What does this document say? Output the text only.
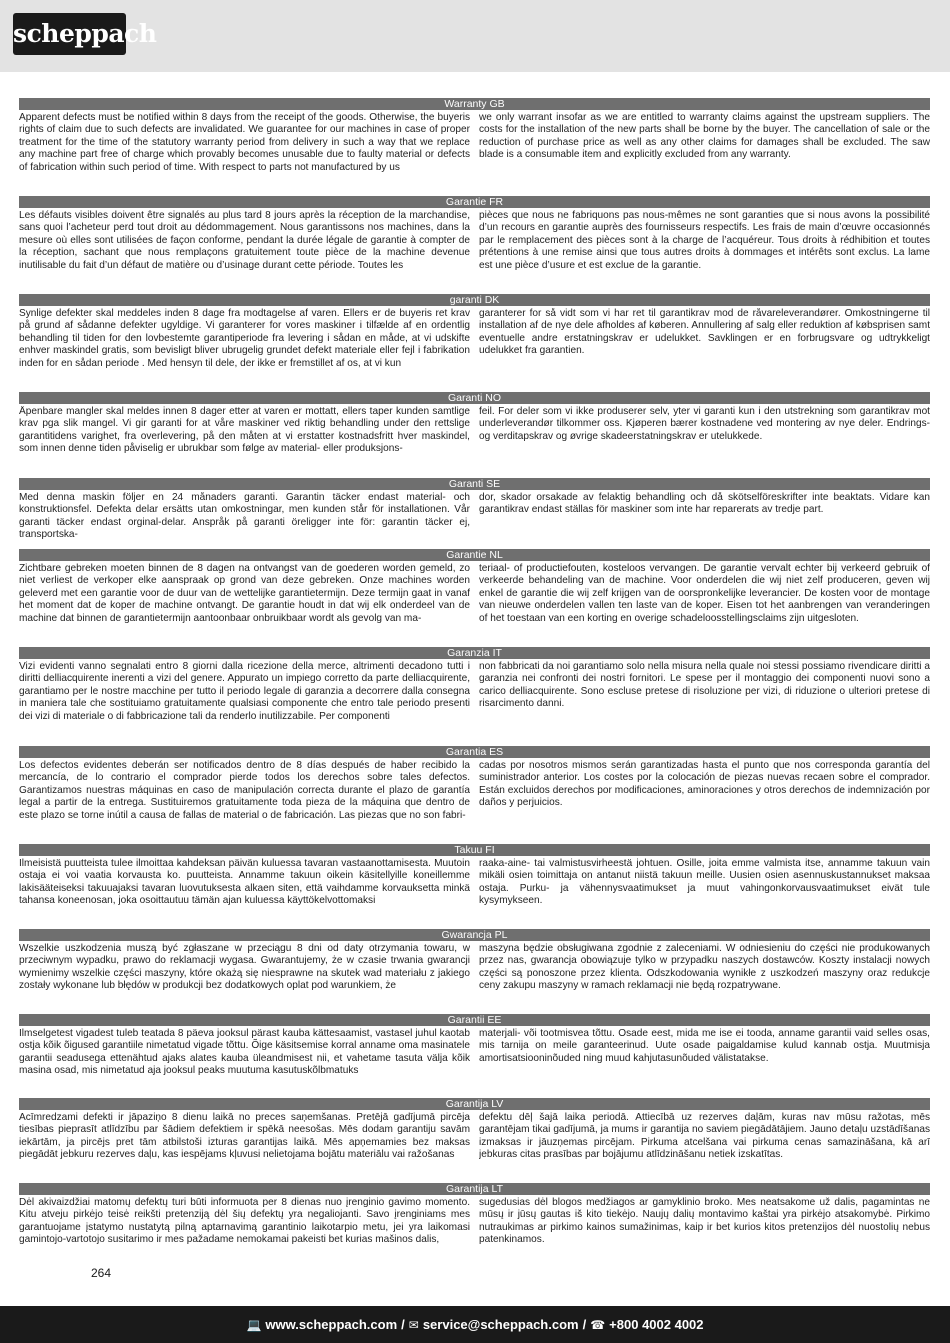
scheppach
Warranty GB
Apparent defects must be notified within 8 days from the receipt of the goods. Otherwise, the buyeris rights of claim due to such defects are invalidated. We guarantee for our machines in case of proper treatment for the time of the statutory warranty period from delivery in such a way that we replace any machine part free of charge which provably becomes unusable due to faulty material or defects of fabrication within such period of time. With respect to parts not manufactured by us
we only warrant insofar as we are entitled to warranty claims against the upstream suppliers. The costs for the installation of the new parts shall be borne by the buyer. The cancellation of sale or the reduction of purchase price as well as any other claims for damages shall be excluded. The saw blade is a consumable item and explicitly excluded from any warranty.
Garantie FR
Les défauts visibles doivent être signalés au plus tard 8 jours après la réception de la marchandise, sans quoi l’acheteur perd tout droit au dédommagement. Nous garantissons nos machines, dans la mesure où elles sont utilisées de façon conforme, pendant la durée légale de garantie à compter de la réception, sachant que nous remplaçons gratuitement toute pièce de la machine devenue inutilisable du fait d’un défaut de matière ou d’usinage durant cette période. Toutes les
pièces que nous ne fabriquons pas nous-mêmes ne sont garanties que si nous avons la possibilité d’un recours en garantie auprès des fournisseurs respectifs. Les frais de main d’œuvre occasionnés par le remplacement des pièces sont à la charge de l’acquéreur. Tous droits à rédhibition et toutes prétentions à une remise ainsi que tous autres droits à dommages et intérêts sont exclus. La lame est une pièce d’usure et est exclue de la garantie.
garanti DK
Synlige defekter skal meddeles inden 8 dage fra modtagelse af varen. Ellers er de buyeris ret krav på grund af sådanne defekter ugyldige. Vi garanterer for vores maskiner i tilfælde af en ordentlig behandling til tiden for den lovbestemte garantiperiode fra levering i sådan en måde, at vi udskifte enhver maskindel gratis, som bevisligt bliver ubrugelig grundet defekt materiale eller fejl i fabrikation inden for en sådan periode . Med hensyn til dele, der ikke er fremstillet af os, at vi kun
garanterer for så vidt som vi har ret til garantikrav mod de råvareleverandører. Omkostningerne til installation af de nye dele afholdes af køberen. Annullering af salg eller reduktion af købsprisen samt eventuelle andre erstatningskrav er udelukket. Savklingen er en forbrugsvare og udtrykkeligt udelukket fra garantien.
Garanti NO
Åpenbare mangler skal meldes innen 8 dager etter at varen er mottatt, ellers taper kunden samtlige krav pga slik mangel. Vi gir garanti for at våre maskiner ved riktig behandling under den rettslige garantitidens varighet, fra overlevering, på den måten at vi erstatter kostnadsfritt hver maskindel, som innen denne tiden påviselig er ubrukbar som følge av material- eller produksjons-
feil. For deler som vi ikke produserer selv, yter vi garanti kun i den utstrekning som garantikrav mot underleverandør tilkommer oss. Kjøperen bærer kostnadene ved montering av nye deler. Endrings- og verditapskrav og øvrige skadeerstatningskrav er utelukkede.
Garanti SE
Med denna maskin följer en 24 månaders garanti. Garantin täcker endast material- och konstruktionsfel. Defekta delar ersätts utan omkostningar, men kunden står för installationen. Vår garanti täcker endast orginal-delar. Anspråk på garanti öreligger inte för: garantin täcker ej, transportska-
dor, skador orsakade av felaktig behandling och då skötselföreskrifter inte beaktats. Vidare kan garantikrav endast ställas för maskiner som inte har reparerats av tredje part.
Garantie NL
Zichtbare gebreken moeten binnen de 8 dagen na ontvangst van de goederen worden gemeld, zo niet verliest de verkoper elke aanspraak op grond van deze gebreken. Onze machines worden geleverd met een garantie voor de duur van de wettelijke garantietermijn. Deze termijn gaat in vanaf het moment dat de koper de machine ontvangt. De garantie houdt in dat wij elk onderdeel van de machine dat binnen de garantietermijn aantoonbaar onbruikbaar wordt als gevolg van ma-
teriaal- of productiefouten, kosteloos vervangen. De garantie vervalt echter bij verkeerd gebruik of verkeerde behandeling van de machine. Voor onderdelen die wij niet zelf produceren, geven wij enkel de garantie die wij zelf krijgen van de oorspronkelijke leverancier. De kosten voor de montage van nieuwe onderdelen vallen ten laste van de koper. Eisen tot het aanbrengen van veranderingen of het toestaan van een korting en overige schadeloosstellingsclaims zijn uitgesloten.
Garanzia IT
Vizi evidenti vanno segnalati entro 8 giorni dalla ricezione della merce, altrimenti decadono tutti i diritti delliacquirente inerenti a vizi del genere. Appurato un impiego corretto da parte delliacquirente, garantiamo per le nostre macchine per tutto il periodo legale di garanzia a decorrere dalla consegna in maniera tale che sostituiamo gratuitamente qualsiasi componente che entro tale periodo presenti dei vizi di materiale o di fabbricazione tali da renderlo inutilizzabile. Per componenti
non fabbricati da noi garantiamo solo nella misura nella quale noi stessi possiamo rivendicare diritti a garanzia nei confronti dei nostri fornitori. Le spese per il montaggio dei componenti nuovi sono a carico delliacquirente. Sono escluse pretese di risoluzione per vizi, di riduzione o ulteriori pretese di risarcimento danni.
Garantia ES
Los defectos evidentes deberán ser notificados dentro de 8 días después de haber recibido la mercancía, de lo contrario el comprador pierde todos los derechos sobre tales defectos. Garantizamos nuestras máquinas en caso de manipulación correcta durante el plazo de garantía legal a partir de la entrega. Sustituiremos gratuitamente toda pieza de la máquina que dentro de este plazo se torne inútil a causa de fallas de material o de fabricación. Las piezas que no son fabri-
cadas por nosotros mismos serán garantizadas hasta el punto que nos corresponda garantía del suministrador anterior. Los costes por la colocación de piezas nuevas recaen sobre el comprador. Están excluidos derechos por modificaciones, aminoraciones y otros derechos de indemnización por daños y perjuicios.
Takuu FI
Ilmeisistä puutteista tulee ilmoittaa kahdeksan päivän kuluessa tavaran vastaanottamisesta. Muutoin ostaja ei voi vaatia korvausta ko. puutteista. Annamme takuun oikein käsitellyille koneillemme lakisääteiseksi takuuajaksi tavaran luovutuksesta alkaen siten, että vaihdamme korvauksetta minkä tahansa koneenosan, joka osoittautuu tämän ajan kuluessa käyttökelvottomaksi
raaka-aine- tai valmistusvirheestä johtuen. Osille, joita emme valmista itse, annamme takuun vain mikäli osien toimittaja on antanut niistä takuun meille. Uusien osien asennuskustannukset maksaa ostaja. Purku- ja vähennysvaatimukset ja muut vahingonkorvausvaatimukset eivät tule kysymykseen.
Gwarancja PL
Wszelkie uszkodzenia muszą być zgłaszane w przeciągu 8 dni od daty otrzymania towaru, w przeciwnym wypadku, prawo do reklamacji wygasa. Gwarantujemy, że w czasie trwania gwarancji wymienimy wszelkie części maszyny, które okażą się niesprawne na skutek wad materiału z jakiego zostały wykonane lub błędów w produkcji bez dodatkowych oplat pod warunkiem, że
maszyna będzie obsługiwana zgodnie z zaleceniami. W odniesieniu do części nie produkowanych przez nas, gwarancja obowiązuje tylko w przypadku naszych dostawców. Koszty instalacji nowych części są ponoszone przez klienta. Odszkodowania wynikłe z uszkodzeń maszyny oraz redukcje ceny zakupu maszyny w ramach reklamacji nie będą rozpatrywane.
Garantii EE
Ilmselgetest vigadest tuleb teatada 8 päeva jooksul pärast kauba kättesaamist, vastasel juhul kaotab ostja kõik õigused garantiile nimetatud vigade tõttu. Õige käsitsemise korral anname oma masinatele garantii seadusega ettenähtud ajaks alates kauba üleandmisest nii, et vahetame tasuta välja kõik masina osad, mis nimetatud aja jooksul peaks muutuma kasutuskõlbmatuks
materjali- või tootmisvea tõttu. Osade eest, mida me ise ei tooda, anname garantii vaid selles osas, mis tarnija on meile garanteerinud. Uute osade paigaldamise kulud kannab ostja. Muutmisja amortisatsiooninõuded ning muud kahjutasunõuded välistatakse.
Garantija LV
Acīmredzami defekti ir jāpaziņo 8 dienu laikā no preces saņemšanas. Pretējā gadījumā pircēja tiesības pieprasīt atlīdzību par šādiem defektiem ir spēkā neesošas. Mēs dodam garantiju savām iekārtām, ja pircējs pret tām atbilstoši izturas garantijas laikā. Mēs apņemamies bez maksas piegādāt jebkuru rezerves daļu, kas iespējams kļuvusi nelietojama bojātu materiālu vai ražošanas
defektu dēļ šajā laika periodā. Attiecībā uz rezerves daļām, kuras nav mūsu ražotas, mēs garantējam tikai gadījumā, ja mums ir garantija no saviem piegādātājiem. Jauno detaļu uzstādīšanas izmaksas ir jāuzņemas pircējam. Pirkuma atcelšana vai pirkuma cenas samazināšana, kā arī jebkuras citas prasības par bojājumu atlīdzināšanu netiek izskatītas.
Garantija LT
Dėl akivaizdžiai matomų defektų turi būti informuota per 8 dienas nuo įrenginio gavimo momento. Kitu atveju pirkėjo teisė reikšti pretenziją dėl šių defektų yra negaliojanti. Savo įrenginiams mes garantuojame įstatymo nustatytą pilną aptarnavimą garantinio laikotarpio metu, jei yra laikomasi gamintojo-vartotojo susitarimo ir mes pažadame nemokamai pakeisti bet kurias mašinos dalis,
sugedusias dėl blogos medžiagos ar gamyklinio broko. Mes neatsakome už dalis, pagamintas ne mūsų ir jūsų gautas iš kito tiekėjo. Naujų dalių montavimo kaštai yra pirkėjo atsakomybė. Pirkimo nutraukimas ar pirkimo kainos sumažinimas, kaip ir bet kurios kitos pretenzijos dėl nuostolių nebus patenkinamos.
264
💻 www.scheppach.com / ✉ service@scheppach.com / ☎ +800 4002 4002
